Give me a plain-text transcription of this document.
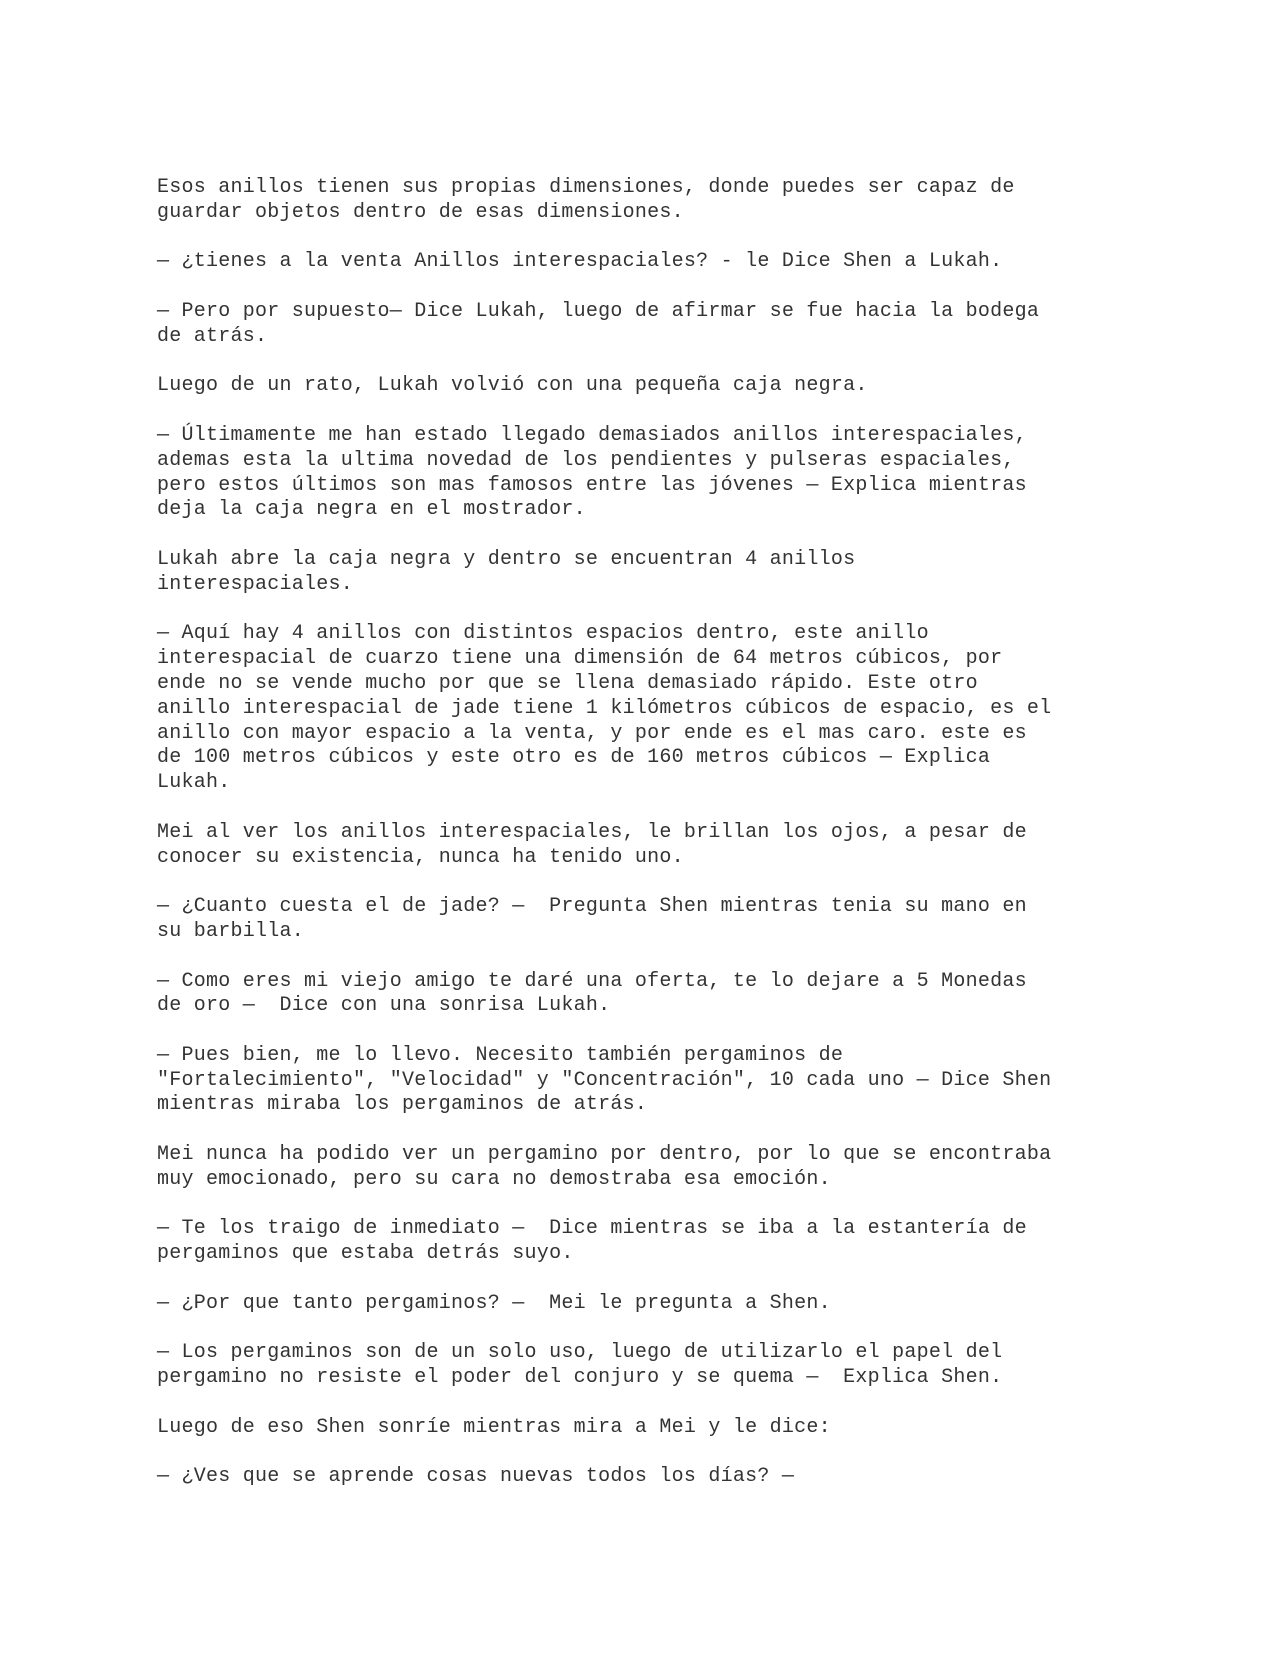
Esos anillos tienen sus propias dimensiones, donde puedes ser capaz de
guardar objetos dentro de esas dimensiones.

— ¿tienes a la venta Anillos interespaciales? - le Dice Shen a Lukah.

— Pero por supuesto— Dice Lukah, luego de afirmar se fue hacia la bodega
de atrás.

Luego de un rato, Lukah volvió con una pequeña caja negra.

— Últimamente me han estado llegado demasiados anillos interespaciales,
ademas esta la ultima novedad de los pendientes y pulseras espaciales,
pero estos últimos son mas famosos entre las jóvenes — Explica mientras
deja la caja negra en el mostrador.

Lukah abre la caja negra y dentro se encuentran 4 anillos
interespaciales.

— Aquí hay 4 anillos con distintos espacios dentro, este anillo
interespacial de cuarzo tiene una dimensión de 64 metros cúbicos, por
ende no se vende mucho por que se llena demasiado rápido. Este otro
anillo interespacial de jade tiene 1 kilómetros cúbicos de espacio, es el
anillo con mayor espacio a la venta, y por ende es el mas caro. este es
de 100 metros cúbicos y este otro es de 160 metros cúbicos — Explica
Lukah.

Mei al ver los anillos interespaciales, le brillan los ojos, a pesar de
conocer su existencia, nunca ha tenido uno.

— ¿Cuanto cuesta el de jade? —  Pregunta Shen mientras tenia su mano en
su barbilla.

— Como eres mi viejo amigo te daré una oferta, te lo dejare a 5 Monedas
de oro —  Dice con una sonrisa Lukah.

— Pues bien, me lo llevo. Necesito también pergaminos de
"Fortalecimiento", "Velocidad" y "Concentración", 10 cada uno — Dice Shen
mientras miraba los pergaminos de atrás.

Mei nunca ha podido ver un pergamino por dentro, por lo que se encontraba
muy emocionado, pero su cara no demostraba esa emoción.

— Te los traigo de inmediato —  Dice mientras se iba a la estantería de
pergaminos que estaba detrás suyo.

— ¿Por que tanto pergaminos? —  Mei le pregunta a Shen.

— Los pergaminos son de un solo uso, luego de utilizarlo el papel del
pergamino no resiste el poder del conjuro y se quema —  Explica Shen.

Luego de eso Shen sonríe mientras mira a Mei y le dice:

— ¿Ves que se aprende cosas nuevas todos los días? —
